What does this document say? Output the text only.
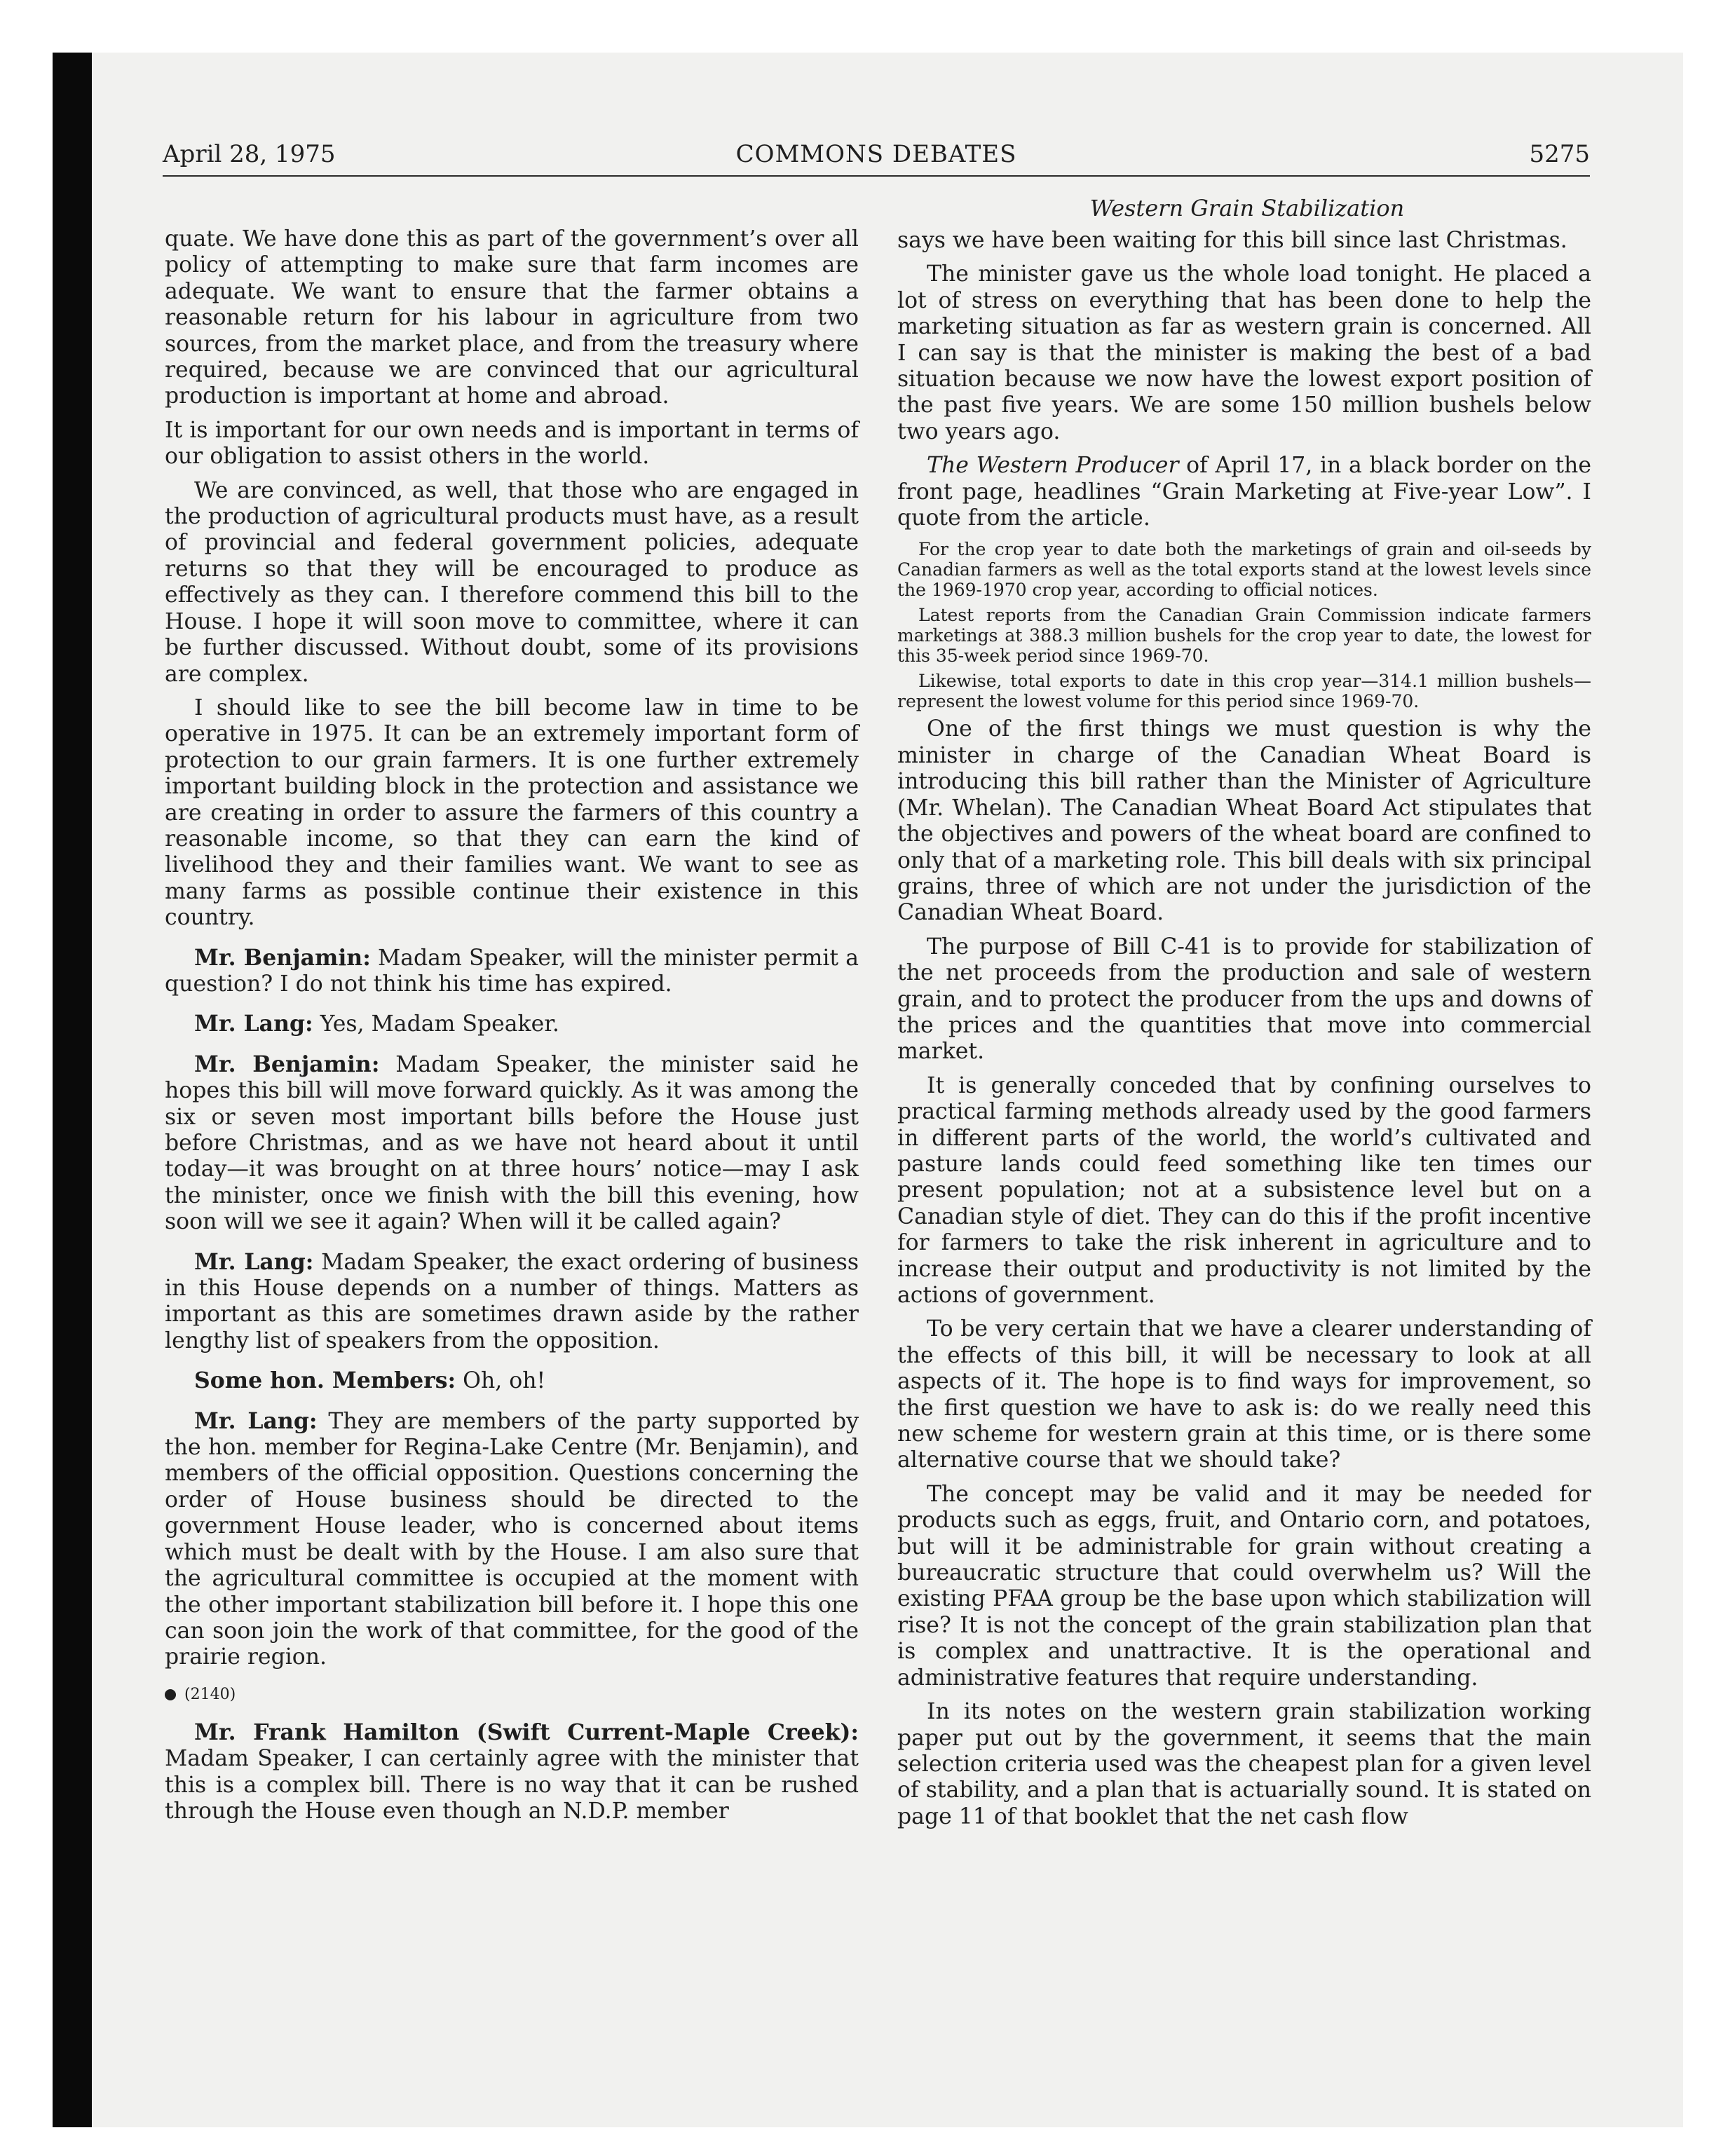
April 28, 1975	COMMONS DEBATES	5275
Western Grain Stabilization

quate. We have done this as part of the government’s over all policy of attempting to make sure that farm incomes are adequate. We want to ensure that the farmer obtains a reasonable return for his labour in agriculture from two sources, from the market place, and from the treasury where required, because we are convinced that our agricultural production is important at home and abroad.

It is important for our own needs and is important in terms of our obligation to assist others in the world.

We are convinced, as well, that those who are engaged in the production of agricultural products must have, as a result of provincial and federal government policies, adequate returns so that they will be encouraged to produce as effectively as they can. I therefore commend this bill to the House. I hope it will soon move to committee, where it can be further discussed. Without doubt, some of its provisions are complex.

I should like to see the bill become law in time to be operative in 1975. It can be an extremely important form of protection to our grain farmers. It is one further extremely important building block in the protection and assistance we are creating in order to assure the farmers of this country a reasonable income, so that they can earn the kind of livelihood they and their families want. We want to see as many farms as possible continue their existence in this country.

Mr. Benjamin: Madam Speaker, will the minister permit a question? I do not think his time has expired.

Mr. Lang: Yes, Madam Speaker.

Mr. Benjamin: Madam Speaker, the minister said he hopes this bill will move forward quickly. As it was among the six or seven most important bills before the House just before Christmas, and as we have not heard about it until today—it was brought on at three hours’ notice—may I ask the minister, once we finish with the bill this evening, how soon will we see it again? When will it be called again?

Mr. Lang: Madam Speaker, the exact ordering of business in this House depends on a number of things. Matters as important as this are sometimes drawn aside by the rather lengthy list of speakers from the opposition.

Some hon. Members: Oh, oh!

Mr. Lang: They are members of the party supported by the hon. member for Regina-Lake Centre (Mr. Benjamin), and members of the official opposition. Questions concerning the order of House business should be directed to the government House leader, who is concerned about items which must be dealt with by the House. I am also sure that the agricultural committee is occupied at the moment with the other important stabilization bill before it. I hope this one can soon join the work of that committee, for the good of the prairie region.

(2140)

Mr. Frank Hamilton (Swift Current-Maple Creek): Madam Speaker, I can certainly agree with the minister that this is a complex bill. There is no way that it can be rushed through the House even though an N.D.P. member

says we have been waiting for this bill since last Christmas.

The minister gave us the whole load tonight. He placed a lot of stress on everything that has been done to help the marketing situation as far as western grain is concerned. All I can say is that the minister is making the best of a bad situation because we now have the lowest export position of the past five years. We are some 150 million bushels below two years ago.

The Western Producer of April 17, in a black border on the front page, headlines “Grain Marketing at Five-year Low”. I quote from the article.

For the crop year to date both the marketings of grain and oil-seeds by Canadian farmers as well as the total exports stand at the lowest levels since the 1969-1970 crop year, according to official notices.

Latest reports from the Canadian Grain Commission indicate farmers marketings at 388.3 million bushels for the crop year to date, the lowest for this 35-week period since 1969-70.

Likewise, total exports to date in this crop year—314.1 million bushels—represent the lowest volume for this period since 1969-70.

One of the first things we must question is why the minister in charge of the Canadian Wheat Board is introducing this bill rather than the Minister of Agriculture (Mr. Whelan). The Canadian Wheat Board Act stipulates that the objectives and powers of the wheat board are confined to only that of a marketing role. This bill deals with six principal grains, three of which are not under the jurisdiction of the Canadian Wheat Board.

The purpose of Bill C-41 is to provide for stabilization of the net proceeds from the production and sale of western grain, and to protect the producer from the ups and downs of the prices and the quantities that move into commercial market.

It is generally conceded that by confining ourselves to practical farming methods already used by the good farmers in different parts of the world, the world’s cultivated and pasture lands could feed something like ten times our present population; not at a subsistence level but on a Canadian style of diet. They can do this if the profit incentive for farmers to take the risk inherent in agriculture and to increase their output and productivity is not limited by the actions of government.

To be very certain that we have a clearer understanding of the effects of this bill, it will be necessary to look at all aspects of it. The hope is to find ways for improvement, so the first question we have to ask is: do we really need this new scheme for western grain at this time, or is there some alternative course that we should take?

The concept may be valid and it may be needed for products such as eggs, fruit, and Ontario corn, and potatoes, but will it be administrable for grain without creating a bureaucratic structure that could overwhelm us? Will the existing PFAA group be the base upon which stabilization will rise? It is not the concept of the grain stabilization plan that is complex and unattractive. It is the operational and administrative features that require understanding.

In its notes on the western grain stabilization working paper put out by the government, it seems that the main selection criteria used was the cheapest plan for a given level of stability, and a plan that is actuarially sound. It is stated on page 11 of that booklet that the net cash flow
